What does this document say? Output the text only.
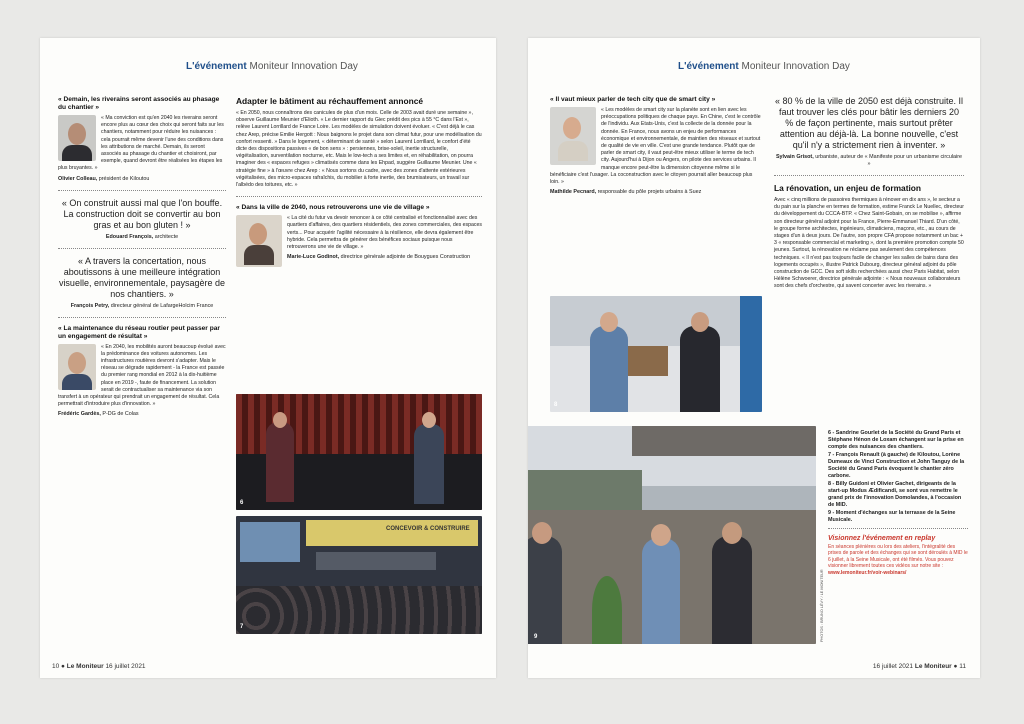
L'événement Moniteur Innovation Day

« Demain, les riverains seront associés au phasage du chantier »

« Ma conviction est qu'en 2040 les riverains seront encore plus au cœur des choix qui seront faits sur les chantiers, notamment pour réduire les nuisances : cela pourrait même devenir l'une des conditions dans les attributions de marché. Demain, ils seront associés au phasage du chantier et choisiront, par exemple, quand devront être réalisées les étapes les plus bruyantes. »

Olivier Colleau, président de Kiloutou
« On construit aussi mal que l'on bouffe. La construction doit se convertir au bon gras et au bon gluten ! »
Edouard François, architecte
« A travers la concertation, nous aboutissons à une meilleure intégration visuelle, environnementale, paysagère de nos chantiers. »
François Petry, directeur général de LafargeHolcim France

« La maintenance du réseau routier peut passer par un engagement de résultat »

« En 2040, les mobilités auront beaucoup évolué avec la prédominance des voitures autonomes. Les infrastructures routières devront s'adapter. Mais le réseau se dégrade rapidement - la France est passée du premier rang mondial en 2012 à la dix-huitième place en 2019 -, faute de financement. La solution serait de contractualiser sa maintenance via son transfert à un opérateur qui prendrait un engagement de résultat. Cela permettrait d'introduire plus d'innovation. »

Frédéric Gardès, P-DG de Colas

Adapter le bâtiment au réchauffement annoncé

« En 2050, nous connaîtrons des canicules de plus d'un mois. Celle de 2003 avait duré une semaine », observe Guillaume Meunier d'Elioth. « Le dernier rapport du Giec prédit des pics à 55 °C dans l'Est », relève Laurent Lorrillard de France Loire. Les modèles de simulation doivent évoluer. « C'est déjà le cas chez Arep, précise Emilie Hergott : Nous baignons le projet dans son climat futur, pour une modélisation du confort ressenti. » Dans le logement, « déterminant de santé » selon Laurent Lorrillard, le confort d'été dicte des dispositions passives « de bon sens » : persiennes, brise-soleil, inertie structurelle, végétalisation, surventilation nocturne, etc. Mais le low-tech a ses limites et, en réhabilitation, on pourra imaginer des « espaces refuges » climatisés comme dans les Ehpad, suggère Guillaume Meunier. Une « stratégie fine » à l'œuvre chez Arep : « Nous sortons du cadre, avec des zones d'attente extérieures végétalisées, des micro-espaces rafraîchis, du mobilier à forte inertie, des brumisateurs, un travail sur l'albédo des toitures, etc. »

« Dans la ville de 2040, nous retrouverons une vie de village »

« La cité du futur va devoir renoncer à ce côté centralisé et fonctionnalisé avec des quartiers d'affaires, des quartiers résidentiels, des zones commerciales, des espaces verts... Pour acquérir l'agilité nécessaire à la résilience, elle devra également être hybride. Cela permettra de générer des bénéfices sociaux puisque nous retrouverons une vie de village. »

Marie-Luce Godinot, directrice générale adjointe de Bouygues Construction
6
CONCEVOIR & CONSTRUIRE
7
10 ● Le Moniteur 16 juillet 2021
L'événement Moniteur Innovation Day

« Il vaut mieux parler de tech city que de smart city »

« Les modèles de smart city sur la planète sont en lien avec les préoccupations politiques de chaque pays. En Chine, c'est le contrôle de l'individu. Aux Etats-Unis, c'est la collecte de la donnée pour la donnée. En France, nous avons un enjeu de performances économique et environnementale, de maintien des réseaux et surtout de qualité de vie en ville. C'est une grande tendance. Plutôt que de parler de smart city, il vaut peut-être mieux utiliser le terme de tech city. Aujourd'hui à Dijon ou Angers, on pilote des services urbains. Il manque encore peut-être la dimension citoyenne même si le bénéficiaire c'est l'usager. La coconstruction avec le citoyen pourrait aller beaucoup plus loin. »

Mathilde Pecnard, responsable du pôle projets urbains à Suez
8
« 80 % de la ville de 2050 est déjà construite. Il faut trouver les clés pour bâtir les derniers 20 % de façon pertinente, mais surtout prêter attention au déjà-là. La bonne nouvelle, c'est qu'il n'y a strictement rien à inventer. »
Sylvain Grisot, urbaniste, auteur de « Manifeste pour un urbanisme circulaire »

La rénovation, un enjeu de formation

Avec « cinq millions de passoires thermiques à rénover en dix ans », le secteur a du pain sur la planche en termes de formation, estime Franck Le Nuellec, directeur du développement du CCCA-BTP. « Chez Saint-Gobain, on se mobilise », affirme son directeur général adjoint pour la France, Pierre-Emmanuel Thiard. D'un côté, le groupe forme architectes, ingénieurs, climaticiens, maçons, etc., au cours de stages d'un à deux jours. De l'autre, son propre CFA propose notamment un bac + 3 « responsable commercial et marketing », dont la première promotion compte 50 jeunes. Surtout, la rénovation ne réclame pas seulement des compétences techniques. « Il n'est pas toujours facile de changer les salles de bains dans des logements occupés », illustre Patrick Dubourg, directeur général adjoint du pôle construction de GCC. Des soft skills recherchées aussi chez Paris Habitat, selon Hélène Schwoerer, directrice générale adjointe : « Nous nouveaux collaborateurs sont des chefs d'orchestre, qui savent concerter avec les riverains. »

9	PHOTOS : BRUNO LÉVY / LE MONITEUR

6 - Sandrine Gourlet de la Société du Grand Paris et Stéphane Hénon de Loxam échangent sur la prise en compte des nuisances des chantiers.

7 - François Renault (à gauche) de Kiloutou, Lorène Dumeaux de Vinci Construction et John Tanguy de la Société du Grand Paris évoquent le chantier zéro carbone.

8 - Billy Guidoni et Olivier Gachet, dirigeants de la start-up Modus Ædificandi, se sont vus remettre le grand prix de l'innovation Domolandes, à l'occasion de MID.

9 - Moment d'échanges sur la terrasse de la Seine Musicale.

Visionnez l'événement en replay

En séances plénières ou lors des ateliers, l'intégralité des prises de parole et des échanges qui se sont déroulés à MID le 6 juillet, à la Seine Musicale, ont été filmés. Vous pouvez visionner librement toutes ces vidéos sur notre site : www.lemoniteur.fr/voir-webinars/

16 juillet 2021 Le Moniteur ● 11
